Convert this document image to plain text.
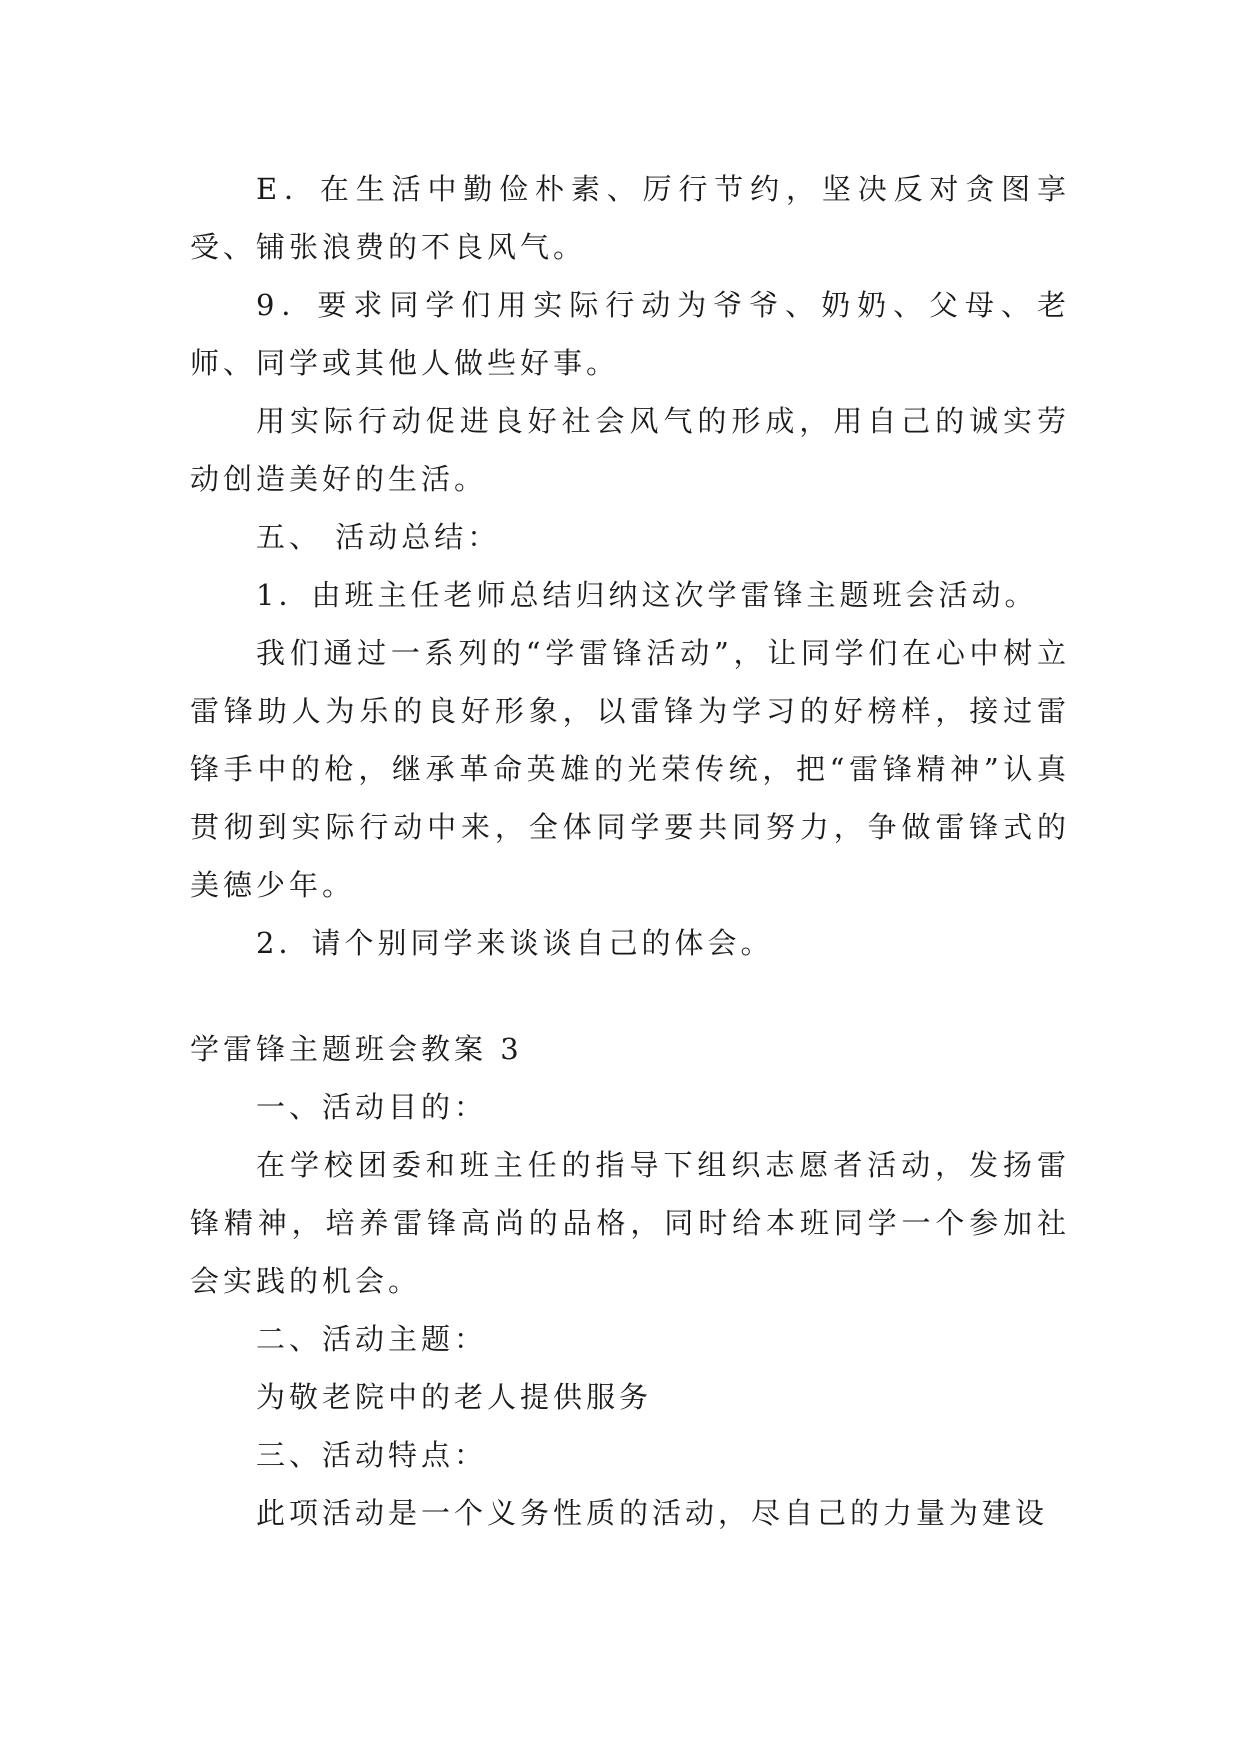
E．在生活中勤俭朴素、厉行节约，坚决反对贪图享受、铺张浪费的不良风气。

9．要求同学们用实际行动为爷爷、奶奶、父母、老师、同学或其他人做些好事。

用实际行动促进良好社会风气的形成，用自己的诚实劳动创造美好的生活。

五、 活动总结：

1．由班主任老师总结归纳这次学雷锋主题班会活动。

我们通过一系列的“学雷锋活动”，让同学们在心中树立雷锋助人为乐的良好形象，以雷锋为学习的好榜样，接过雷锋手中的枪，继承革命英雄的光荣传统，把“雷锋精神”认真贯彻到实际行动中来，全体同学要共同努力，争做雷锋式的美德少年。

2．请个别同学来谈谈自己的体会。

学雷锋主题班会教案 3

一、活动目的：

在学校团委和班主任的指导下组织志愿者活动，发扬雷锋精神，培养雷锋高尚的品格，同时给本班同学一个参加社会实践的机会。

二、活动主题：

为敬老院中的老人提供服务

三、活动特点：

此项活动是一个义务性质的活动，尽自己的力量为建设
